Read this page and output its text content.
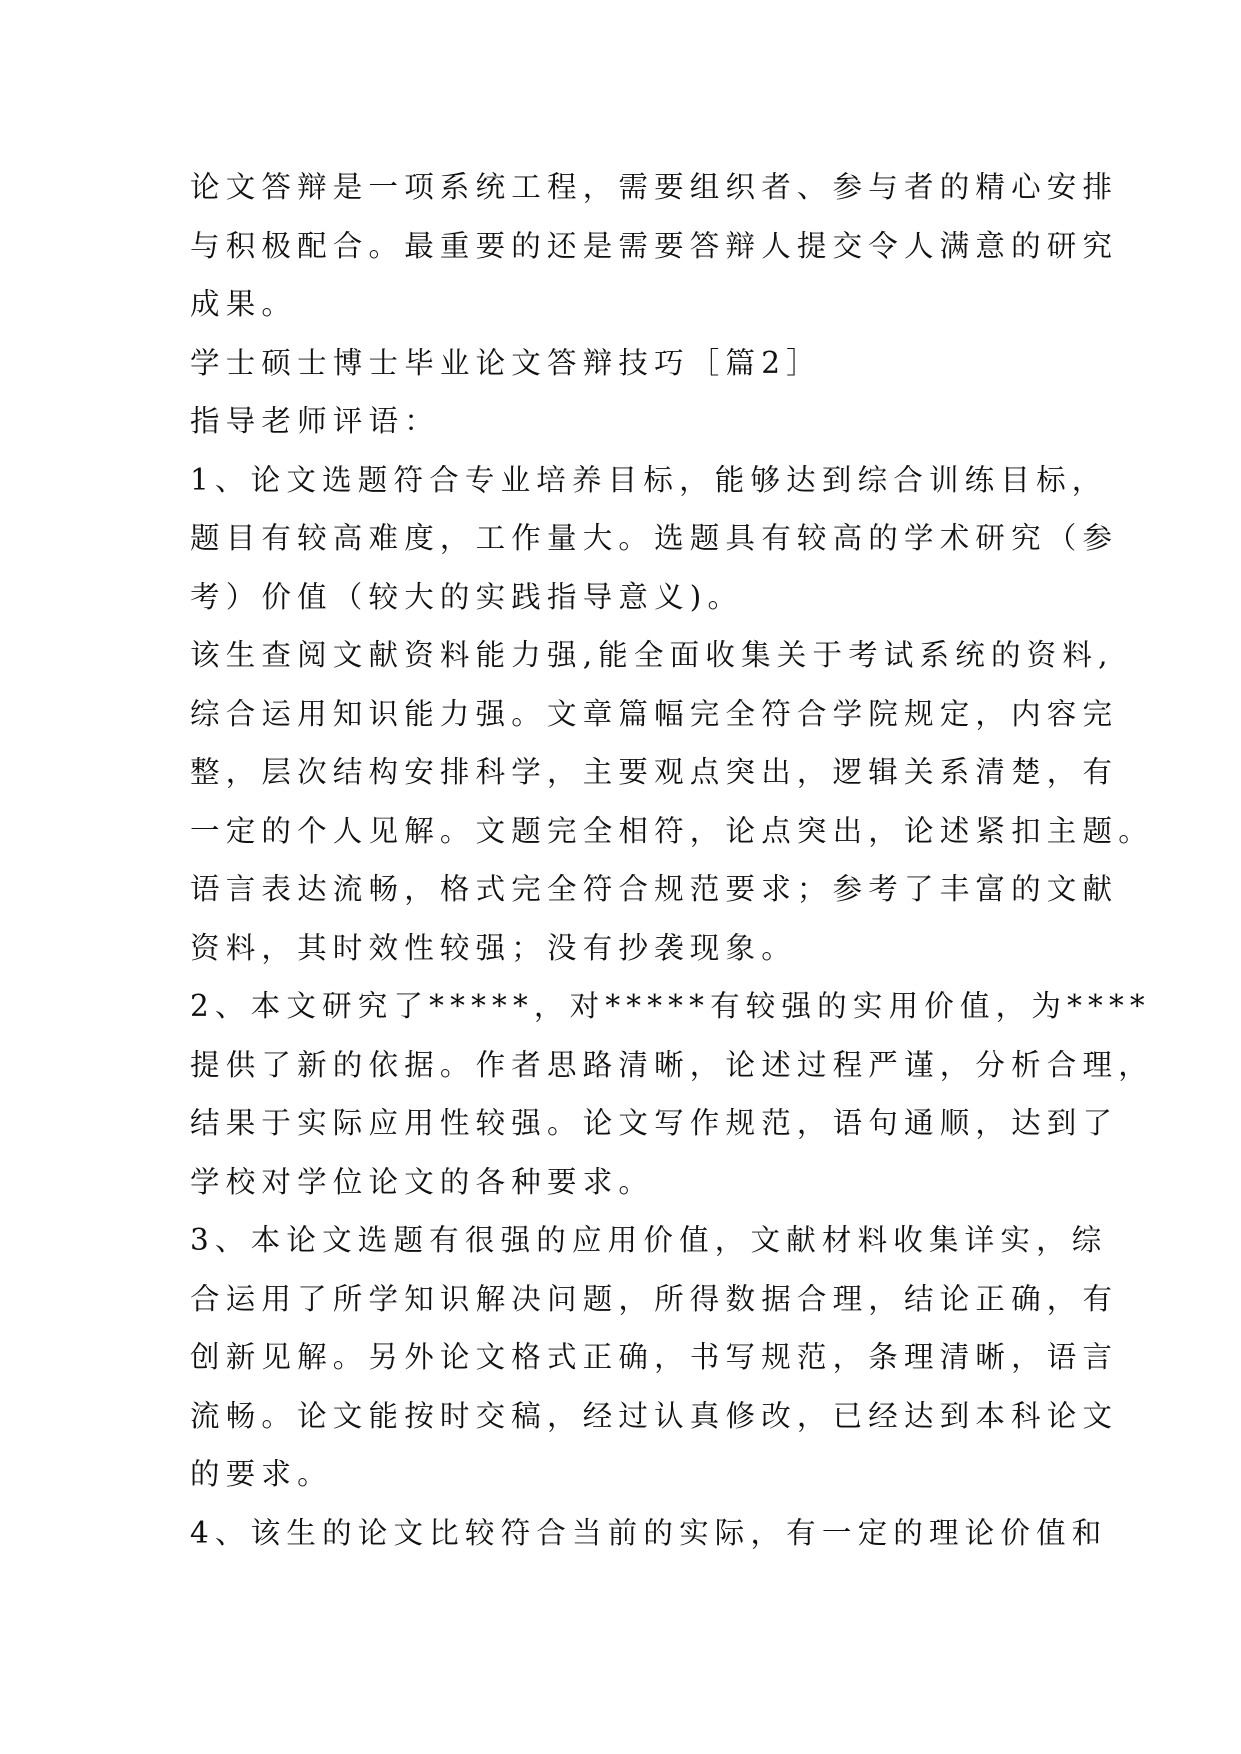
论文答辩是一项系统工程，需要组织者、参与者的精心安排
与积极配合。最重要的还是需要答辩人提交令人满意的研究
成果。
学士硕士博士毕业论文答辩技巧［篇2］
指导老师评语：
1、论文选题符合专业培养目标，能够达到综合训练目标，
题目有较高难度，工作量大。选题具有较高的学术研究（参
考）价值（较大的实践指导意义)。
该生查阅文献资料能力强,能全面收集关于考试系统的资料,
综合运用知识能力强。文章篇幅完全符合学院规定，内容完
整，层次结构安排科学，主要观点突出，逻辑关系清楚，有
一定的个人见解。文题完全相符，论点突出，论述紧扣主题。
语言表达流畅，格式完全符合规范要求；参考了丰富的文献
资料，其时效性较强；没有抄袭现象。
2、本文研究了*****，对*****有较强的实用价值，为****
提供了新的依据。作者思路清晰，论述过程严谨，分析合理，
结果于实际应用性较强。论文写作规范，语句通顺，达到了
学校对学位论文的各种要求。
3、本论文选题有很强的应用价值，文献材料收集详实，综
合运用了所学知识解决问题，所得数据合理，结论正确，有
创新见解。另外论文格式正确，书写规范，条理清晰，语言
流畅。论文能按时交稿，经过认真修改，已经达到本科论文
的要求。
4、该生的论文比较符合当前的实际，有一定的理论价值和
